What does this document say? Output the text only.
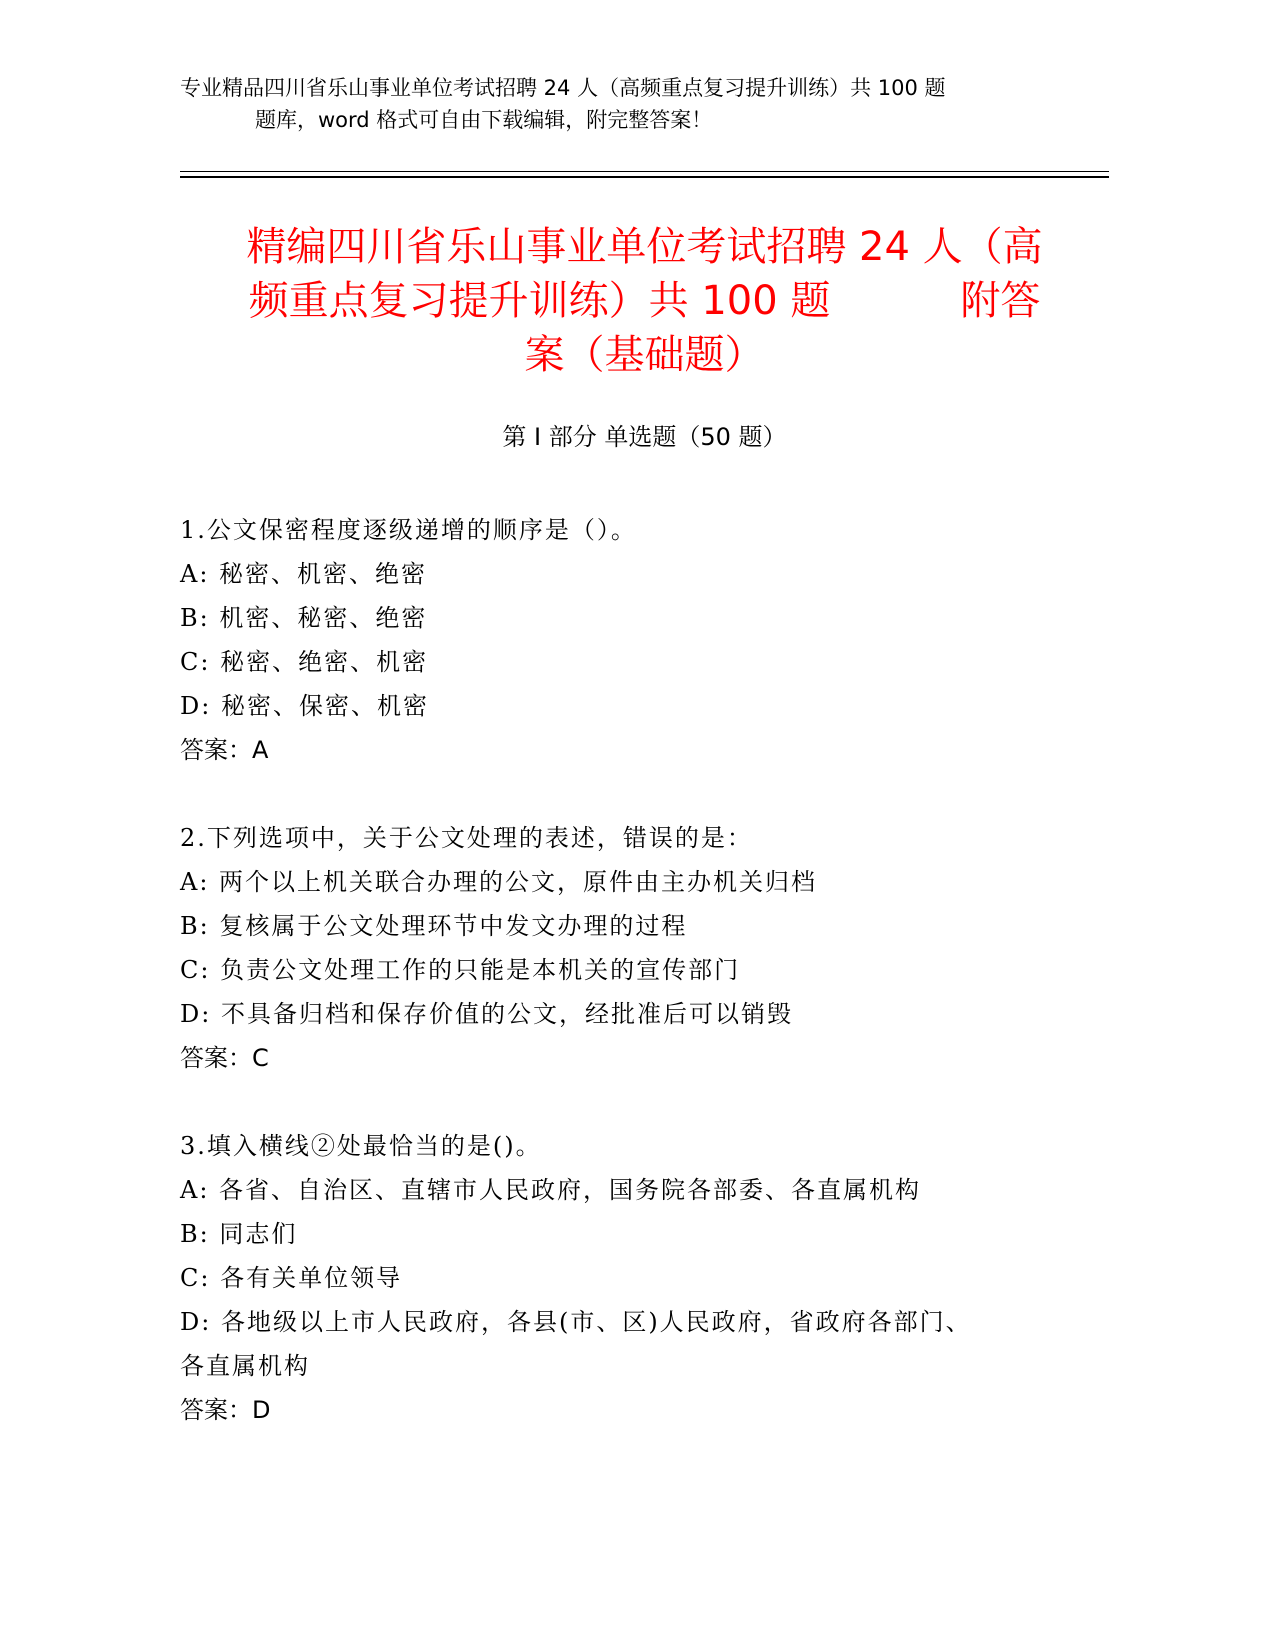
专业精品四川省乐山事业单位考试招聘 24 人（高频重点复习提升训练）共 100 题
题库，word 格式可自由下载编辑，附完整答案！
精编四川省乐山事业单位考试招聘 24 人（高
频重点复习提升训练）共 100 题	附答
案（基础题）
第 I 部分 单选题（50 题）
1.公文保密程度逐级递增的顺序是（）。
A: 秘密、机密、绝密
B: 机密、秘密、绝密
C: 秘密、绝密、机密
D: 秘密、保密、机密
答案：A
2.下列选项中，关于公文处理的表述，错误的是：
A: 两个以上机关联合办理的公文，原件由主办机关归档
B: 复核属于公文处理环节中发文办理的过程
C: 负责公文处理工作的只能是本机关的宣传部门
D: 不具备归档和保存价值的公文，经批准后可以销毁
答案：C
3.填入横线②处最恰当的是()。
A: 各省、自治区、直辖市人民政府，国务院各部委、各直属机构
B: 同志们
C: 各有关单位领导
D: 各地级以上市人民政府，各县(市、区)人民政府，省政府各部门、
各直属机构
答案：D
